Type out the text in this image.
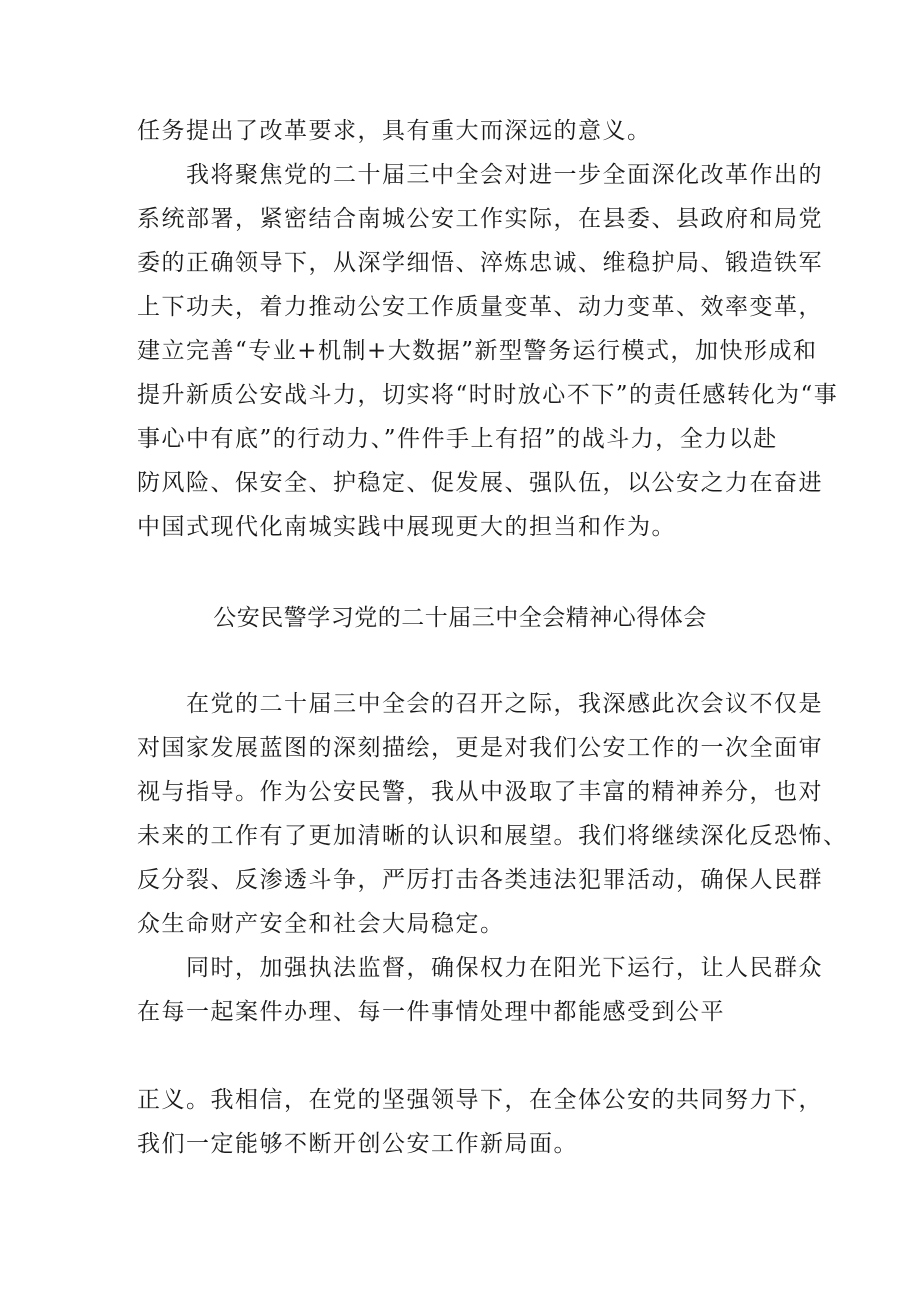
任务提出了改革要求，具有重大而深远的意义。
我将聚焦党的二十届三中全会对进一步全面深化改革作出的
系统部署，紧密结合南城公安工作实际，在县委、县政府和局党
委的正确领导下，从深学细悟、淬炼忠诚、维稳护局、锻造铁军
上下功夫，着力推动公安工作质量变革、动力变革、效率变革，
建立完善“专业+机制+大数据”新型警务运行模式，加快形成和
提升新质公安战斗力，切实将“时时放心不下”的责任感转化为“事
事心中有底”的行动力、”件件手上有招”的战斗力，全力以赴
防风险、保安全、护稳定、促发展、强队伍，以公安之力在奋进
中国式现代化南城实践中展现更大的担当和作为。
公安民警学习党的二十届三中全会精神心得体会
在党的二十届三中全会的召开之际，我深感此次会议不仅是
对国家发展蓝图的深刻描绘，更是对我们公安工作的一次全面审
视与指导。作为公安民警，我从中汲取了丰富的精神养分，也对
未来的工作有了更加清晰的认识和展望。我们将继续深化反恐怖、
反分裂、反渗透斗争，严厉打击各类违法犯罪活动，确保人民群
众生命财产安全和社会大局稳定。
同时，加强执法监督，确保权力在阳光下运行，让人民群众
在每一起案件办理、每一件事情处理中都能感受到公平
正义。我相信，在党的坚强领导下，在全体公安的共同努力下，
我们一定能够不断开创公安工作新局面。
